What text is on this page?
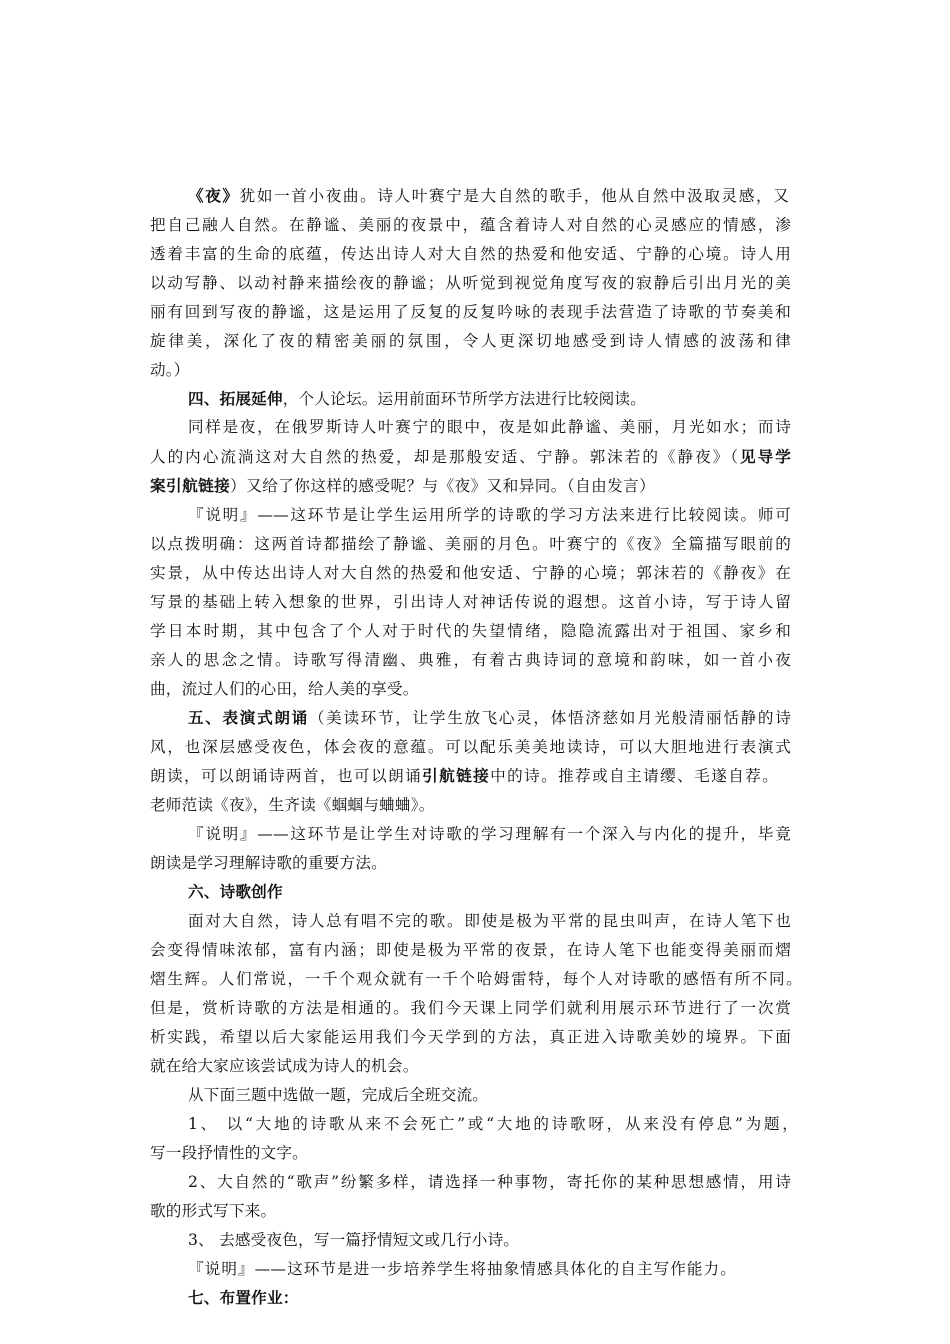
《夜》犹如一首小夜曲。诗人叶赛宁是大自然的歌手，他从自然中汲取灵感，又
把自己融人自然。在静谧、美丽的夜景中，蕴含着诗人对自然的心灵感应的情感，渗
透着丰富的生命的底蕴，传达出诗人对大自然的热爱和他安适、宁静的心境。诗人用
以动写静、以动衬静来描绘夜的静谧；从听觉到视觉角度写夜的寂静后引出月光的美
丽有回到写夜的静谧，这是运用了反复的反复吟咏的表现手法营造了诗歌的节奏美和
旋律美，深化了夜的精密美丽的氛围，令人更深切地感受到诗人情感的波荡和律
动。）
四、拓展延伸，个人论坛。运用前面环节所学方法进行比较阅读。
同样是夜，在俄罗斯诗人叶赛宁的眼中，夜是如此静谧、美丽，月光如水；而诗
人的内心流淌这对大自然的热爱，却是那般安适、宁静。郭沫若的《静夜》（见导学
案引航链接）又给了你这样的感受呢？与《夜》又和异同。（自由发言）
『说明』——这环节是让学生运用所学的诗歌的学习方法来进行比较阅读。师可
以点拨明确：这两首诗都描绘了静谧、美丽的月色。叶赛宁的《夜》全篇描写眼前的
实景，从中传达出诗人对大自然的热爱和他安适、宁静的心境；郭沫若的《静夜》在
写景的基础上转入想象的世界，引出诗人对神话传说的遐想。这首小诗，写于诗人留
学日本时期，其中包含了个人对于时代的失望情绪，隐隐流露出对于祖国、家乡和
亲人的思念之情。诗歌写得清幽、典雅，有着古典诗词的意境和韵味，如一首小夜
曲，流过人们的心田，给人美的享受。
五、表演式朗诵（美读环节，让学生放飞心灵，体悟济慈如月光般清丽恬静的诗
风，也深层感受夜色，体会夜的意蕴。可以配乐美美地读诗，可以大胆地进行表演式
朗读，可以朗诵诗两首，也可以朗诵引航链接中的诗。推荐或自主请缨、毛遂自荐。
老师范读《夜》，生齐读《蝈蝈与蛐蛐》。
『说明』——这环节是让学生对诗歌的学习理解有一个深入与内化的提升，毕竟
朗读是学习理解诗歌的重要方法。
六、诗歌创作
面对大自然，诗人总有唱不完的歌。即使是极为平常的昆虫叫声，在诗人笔下也
会变得情味浓郁，富有内涵；即使是极为平常的夜景，在诗人笔下也能变得美丽而熠
熠生辉。人们常说，一千个观众就有一千个哈姆雷特，每个人对诗歌的感悟有所不同。
但是，赏析诗歌的方法是相通的。我们今天课上同学们就利用展示环节进行了一次赏
析实践，希望以后大家能运用我们今天学到的方法，真正进入诗歌美妙的境界。下面
就在给大家应该尝试成为诗人的机会。
从下面三题中选做一题，完成后全班交流。
1、 以“大地的诗歌从来不会死亡”或“大地的诗歌呀，从来没有停息”为题，
写一段抒情性的文字。
2、大自然的“歌声”纷繁多样，请选择一种事物，寄托你的某种思想感情，用诗
歌的形式写下来。
3、 去感受夜色，写一篇抒情短文或几行小诗。
『说明』——这环节是进一步培养学生将抽象情感具体化的自主写作能力。
七、布置作业：
